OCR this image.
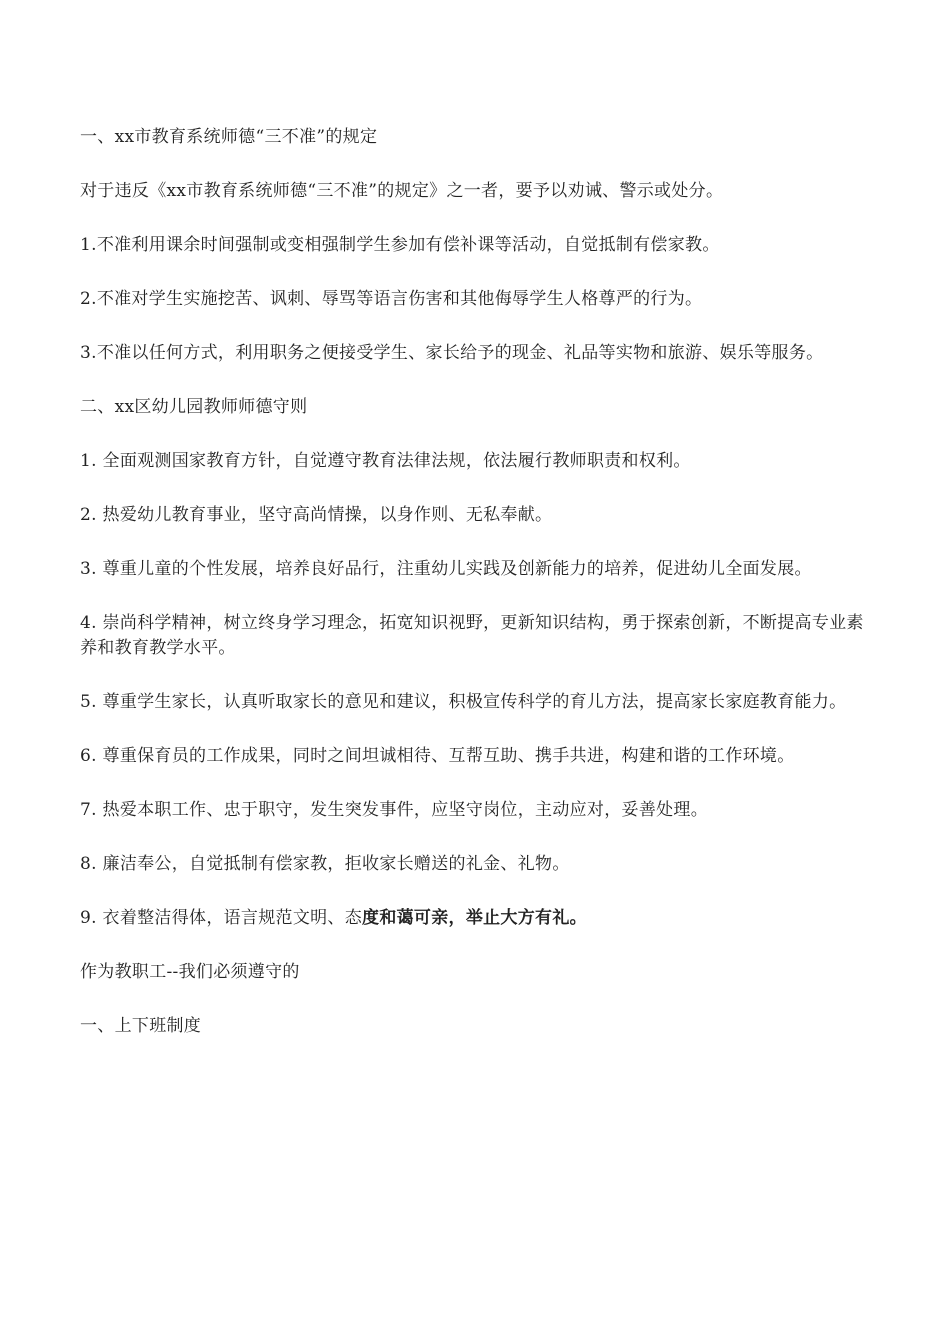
一、xx市教育系统师德“三不准”的规定

对于违反《xx市教育系统师德“三不准”的规定》之一者，要予以劝诫、警示或处分。

1.不准利用课余时间强制或变相强制学生参加有偿补课等活动，自觉抵制有偿家教。

2.不准对学生实施挖苦、讽刺、辱骂等语言伤害和其他侮辱学生人格尊严的行为。

3.不准以任何方式，利用职务之便接受学生、家长给予的现金、礼品等实物和旅游、娱乐等服务。

二、xx区幼儿园教师师德守则

1. 全面观测国家教育方针，自觉遵守教育法律法规，依法履行教师职责和权利。

2. 热爱幼儿教育事业，坚守高尚情操，以身作则、无私奉献。

3. 尊重儿童的个性发展，培养良好品行，注重幼儿实践及创新能力的培养，促进幼儿全面发展。

4. 崇尚科学精神，树立终身学习理念，拓宽知识视野，更新知识结构，勇于探索创新，不断提高专业素养和教育教学水平。

5. 尊重学生家长，认真听取家长的意见和建议，积极宣传科学的育儿方法，提高家长家庭教育能力。

6. 尊重保育员的工作成果，同时之间坦诚相待、互帮互助、携手共进，构建和谐的工作环境。

7. 热爱本职工作、忠于职守，发生突发事件，应坚守岗位，主动应对，妥善处理。

8. 廉洁奉公，自觉抵制有偿家教，拒收家长赠送的礼金、礼物。

9. 衣着整洁得体，语言规范文明、态度和蔼可亲，举止大方有礼。

作为教职工--我们必须遵守的

一、上下班制度
